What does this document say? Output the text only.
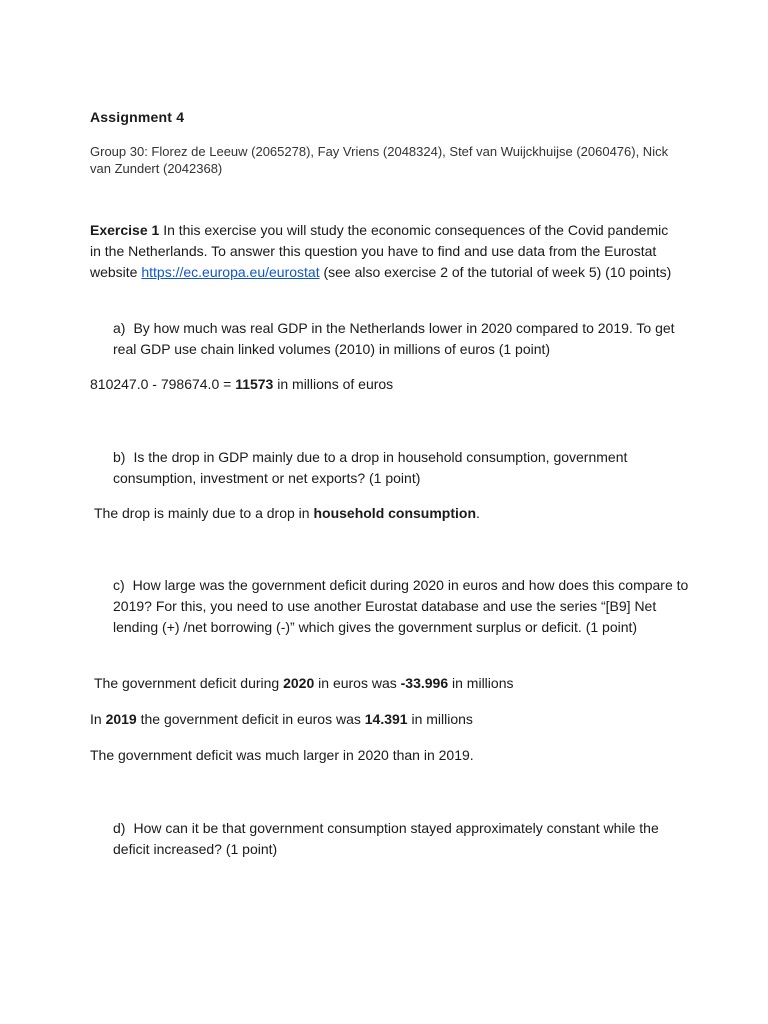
Assignment 4
Group 30: Florez de Leeuw (2065278), Fay Vriens (2048324), Stef van Wuijckhuijse (2060476), Nick van Zundert (2042368)

Exercise 1 In this exercise you will study the economic consequences of the Covid pandemic in the Netherlands. To answer this question you have to find and use data from the Eurostat website https://ec.europa.eu/eurostat (see also exercise 2 of the tutorial of week 5) (10 points)

a) By how much was real GDP in the Netherlands lower in 2020 compared to 2019. To get real GDP use chain linked volumes (2010) in millions of euros (1 point)

810247.0 - 798674.0 = 11573 in millions of euros

b) Is the drop in GDP mainly due to a drop in household consumption, government consumption, investment or net exports? (1 point)

The drop is mainly due to a drop in household consumption.

c) How large was the government deficit during 2020 in euros and how does this compare to 2019? For this, you need to use another Eurostat database and use the series “[B9] Net lending (+) /net borrowing (-)” which gives the government surplus or deficit. (1 point)

The government deficit during 2020 in euros was -33.996 in millions

In 2019 the government deficit in euros was 14.391 in millions

The government deficit was much larger in 2020 than in 2019.

d) How can it be that government consumption stayed approximately constant while the deficit increased? (1 point)
